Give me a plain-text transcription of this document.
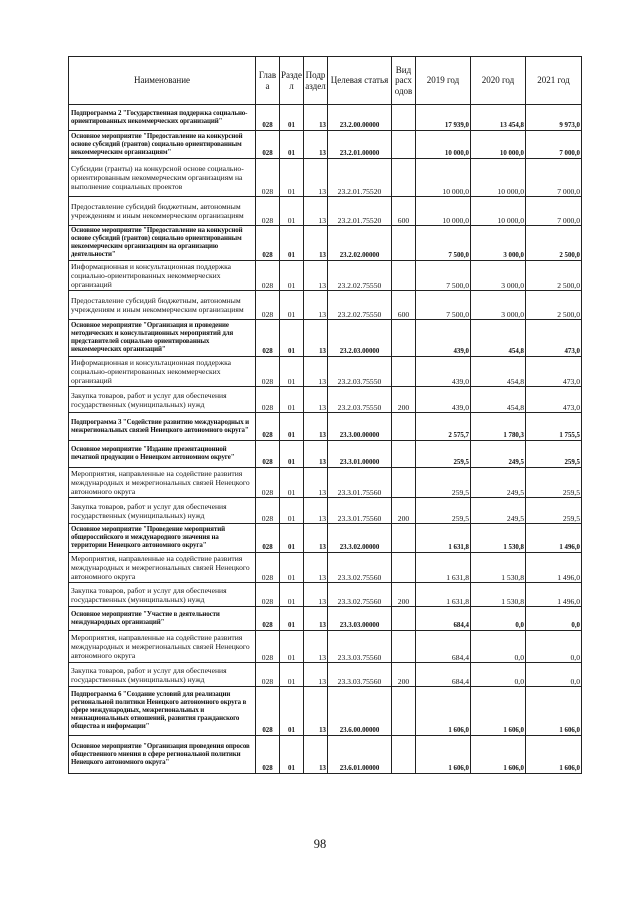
Наименование	Глав а	Разде л	Подр аздел	Целевая статья	Вид расх одов	2019 год	2020 год	2021 год
Подпрограмма 2 "Государственная поддержка социально-ориентированных некоммерческих организаций"	028	01	13	23.2.00.00000		17 939,0	13 454,8	9 973,0
Основное мероприятие "Предоставление на конкурсной основе субсидий (грантов) социально ориентированным некоммерческим организациям"	028	01	13	23.2.01.00000		10 000,0	10 000,0	7 000,0
Субсидии (гранты) на конкурсной основе социально-ориентированным некоммерческим организациям на выполнение социальных проектов	028	01	13	23.2.01.75520		10 000,0	10 000,0	7 000,0
Предоставление субсидий бюджетным, автономным учреждениям и иным некоммерческим организациям	028	01	13	23.2.01.75520	600	10 000,0	10 000,0	7 000,0
Основное мероприятие "Предоставление на конкурсной основе субсидий (грантов) социально ориентированным некоммерческим организациям на организацию деятельности"	028	01	13	23.2.02.00000		7 500,0	3 000,0	2 500,0
Информационная и консультационная поддержка социально-ориентированных некоммерческих организаций	028	01	13	23.2.02.75550		7 500,0	3 000,0	2 500,0
Предоставление субсидий бюджетным, автономным учреждениям и иным некоммерческим организациям	028	01	13	23.2.02.75550	600	7 500,0	3 000,0	2 500,0
Основное мероприятие "Организация и проведение методических и консультационных мероприятий для представителей социально ориентированных некоммерческих организаций"	028	01	13	23.2.03.00000		439,0	454,8	473,0
Информационная и консультационная поддержка социально-ориентированных некоммерческих организаций	028	01	13	23.2.03.75550		439,0	454,8	473,0
Закупка товаров, работ и услуг для обеспечения государственных (муниципальных) нужд	028	01	13	23.2.03.75550	200	439,0	454,8	473,0
Подпрограмма 3 "Содействие развитию международных и межрегиональных связей Ненецкого автономного округа"	028	01	13	23.3.00.00000		2 575,7	1 780,3	1 755,5
Основное мероприятие "Издание презентационной печатной продукции о Ненецком автономном округе"	028	01	13	23.3.01.00000		259,5	249,5	259,5
Мероприятия, направленные на содействие развития международных и межрегиональных связей Ненецкого автономного округа	028	01	13	23.3.01.75560		259,5	249,5	259,5
Закупка товаров, работ и услуг для обеспечения государственных (муниципальных) нужд	028	01	13	23.3.01.75560	200	259,5	249,5	259,5
Основное мероприятие "Проведение мероприятий общероссийского и международного значения на территории Ненецкого автономного округа"	028	01	13	23.3.02.00000		1 631,8	1 530,8	1 496,0
Мероприятия, направленные на содействие развития международных и межрегиональных связей Ненецкого автономного округа	028	01	13	23.3.02.75560		1 631,8	1 530,8	1 496,0
Закупка товаров, работ и услуг для обеспечения государственных (муниципальных) нужд	028	01	13	23.3.02.75560	200	1 631,8	1 530,8	1 496,0
Основное мероприятие "Участие в деятельности международных организаций"	028	01	13	23.3.03.00000		684,4	0,0	0,0
Мероприятия, направленные на содействие развития международных и межрегиональных связей Ненецкого автономного округа	028	01	13	23.3.03.75560		684,4	0,0	0,0
Закупка товаров, работ и услуг для обеспечения государственных (муниципальных) нужд	028	01	13	23.3.03.75560	200	684,4	0,0	0,0
Подпрограмма 6 "Создание условий для реализации региональной политики Ненецкого автономного округа в сфере международных, межрегиональных и межнациональных отношений, развития гражданского общества и информации"	028	01	13	23.6.00.00000		1 606,0	1 606,0	1 606,0
Основное мероприятие "Организация проведения опросов общественного мнения в сфере региональной политики Ненецкого автономного округа"	028	01	13	23.6.01.00000		1 606,0	1 606,0	1 606,0
98
